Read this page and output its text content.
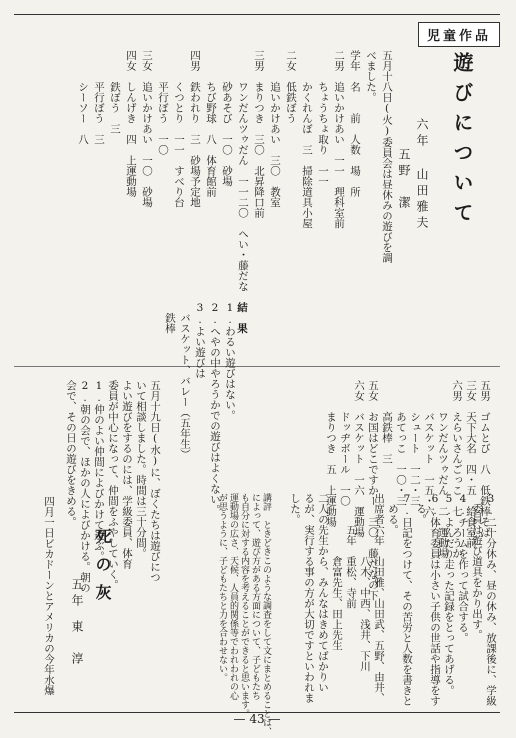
児童作品
遊びについて
六年 山田雅夫
五野　潔
五月十八日(火)委員会は昼休みの遊びを調
べました。
学年　名　　前　人数　場　所
二男　追いかけあい　一一　理科室前
　　　ちょうちょ取り　一一
　　　かくれんぼ　三　掃除道具小屋
二女　低鉄ぼう
　　　追いかけあい　三〇　教室
三男　まりつき　三〇　北昇降口前
　　　ワンだんツゥだん　一一二〇　へい・藤だな
　　　砂あそび　一〇　砂場
　　　ちび野球　八　体育館前
四男　鉄われり　三　砂場予定地
　　　くつとり　一一　すべり台
　　　平行ぼう　一〇
三女　追いかけあい　一〇　砂場
四女　しんげき　四　上運動場
　　　鉄ぼう　三
　　　平行ぼう　三
　　　シーソー　八
五男　ゴムとび　八　低鉄棒そば
三女　天下大名　四・五　給食室前
六男　えらいさんごっこ　七　ろうか
　　　ワンだんツゥだん　二　運動場
　　　バスケット　一五・六
　　　シュート　一二・三
　　　あてっこ　一〇・三
　　　高鉄棒　三
五女　お国はどこですかー　三〇　藤だなの下
六女　バスケット　一六　運動場
　　　ドッヂボール　一〇
　　　まりつき　五　上運動場
結　果
1.わるい遊びはない。
2.へやの中やろうかでの遊びはよくない。
3.よい遊びは
　バスケット、バレー（五年生）
　鉄棒
五月十九日(水)に、ぼくたちは遊びにつ
いて相談しました。時間は三十分間。
よい遊びをするのには、学級委員、体育
委員が中心になって、仲間をふやしていく。
1.仲のよい仲間によびかけて遊ぶ。
2.朝の会で、ほかの人によびかける。朝の
会で、その日の遊びをきめる。
3.二十分休み、昼の休み、放課後に、学級
　委員は遊び道具をかり出す。
4.チームを作って試合する。
5.よんだり走った記録をとってあげる。
6.体育委員は小さい子供の世話や指導をす
　る。
7.日記をつけて、その苦労と人数を書きと
　める。
出席者六年　山田雅、山田武、五野、由井、
　　　　　　八木、中西、浅井、下川
　　　五年　重松、寺前
　　　　　　倉富先生、田上先生
二人の先生から、みんなはきめてばかりい
るが、実行する事の方が大切ですといわれま
した。
講評　ときどきこのような調査をして文にまとめることは、
によって、遊び方がある方面について、子どもたち
も自分に対する内容を考えることができると思います。
運動場の広さ、天候、人員的関係等でわれわれの心
が思うように、子どもたちと力を合わせない。
死の灰
五年
東　淳
四月一日ビカドーンとアメリカの今年水爆
— 43 —
